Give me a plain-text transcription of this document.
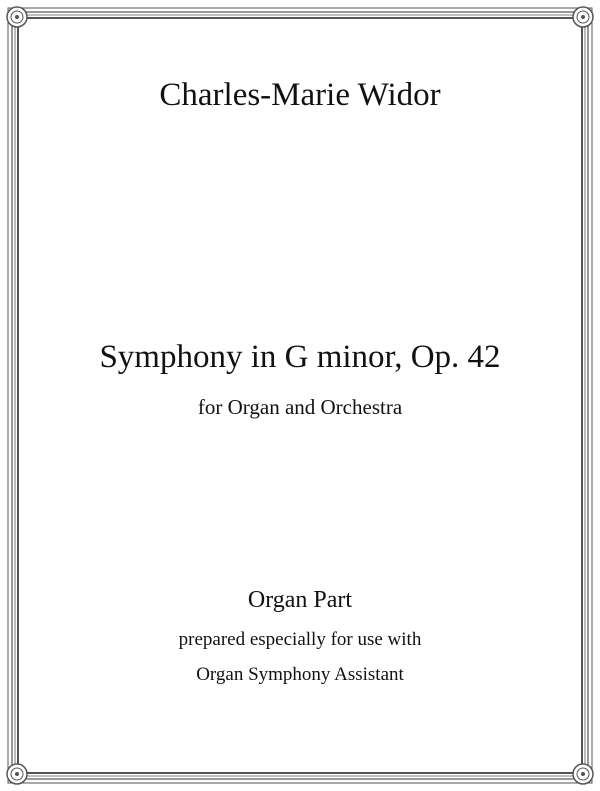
Charles-Marie Widor
Symphony in G minor, Op. 42
for Organ and Orchestra
Organ Part
prepared especially for use with
Organ Symphony Assistant
